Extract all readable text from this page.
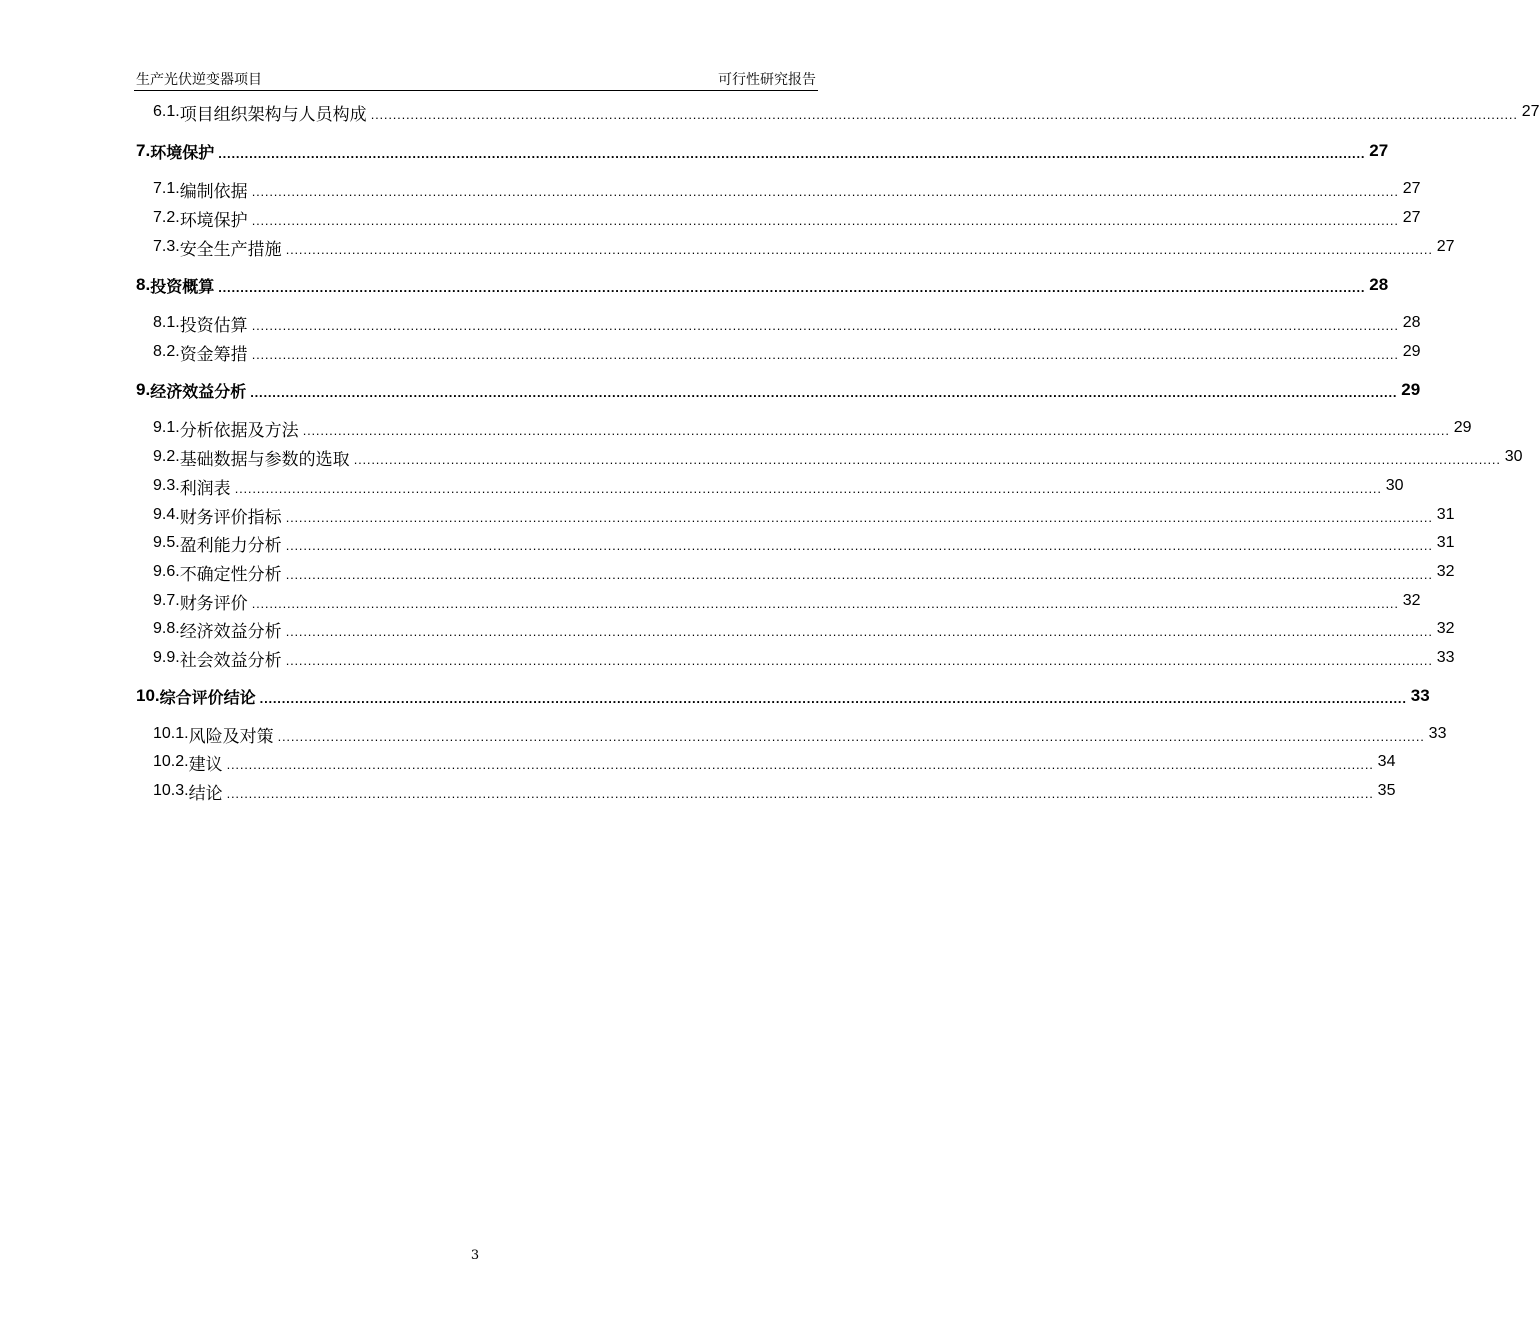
生产光伏逆变器项目	可行性研究报告
6.1. 项目组织架构与人员构成 .................................................................................................................................................................................................................................................................... 27
7. 环境保护 .................................................................................................................................................................................................................................................................... 27
7.1. 编制依据 .................................................................................................................................................................................................................................................................... 27
7.2. 环境保护 .................................................................................................................................................................................................................................................................... 27
7.3. 安全生产措施 .................................................................................................................................................................................................................................................................... 27
8. 投资概算 .................................................................................................................................................................................................................................................................... 28
8.1. 投资估算 .................................................................................................................................................................................................................................................................... 28
8.2. 资金筹措 .................................................................................................................................................................................................................................................................... 29
9. 经济效益分析 .................................................................................................................................................................................................................................................................... 29
9.1. 分析依据及方法 .................................................................................................................................................................................................................................................................... 29
9.2. 基础数据与参数的选取 .................................................................................................................................................................................................................................................................... 30
9.3. 利润表 .................................................................................................................................................................................................................................................................... 30
9.4. 财务评价指标 .................................................................................................................................................................................................................................................................... 31
9.5. 盈利能力分析 .................................................................................................................................................................................................................................................................... 31
9.6. 不确定性分析 .................................................................................................................................................................................................................................................................... 32
9.7. 财务评价 .................................................................................................................................................................................................................................................................... 32
9.8. 经济效益分析 .................................................................................................................................................................................................................................................................... 32
9.9. 社会效益分析 .................................................................................................................................................................................................................................................................... 33
10. 综合评价结论 .................................................................................................................................................................................................................................................................... 33
10.1. 风险及对策 .................................................................................................................................................................................................................................................................... 33
10.2. 建议 .................................................................................................................................................................................................................................................................... 34
10.3. 结论 .................................................................................................................................................................................................................................................................... 35
3
